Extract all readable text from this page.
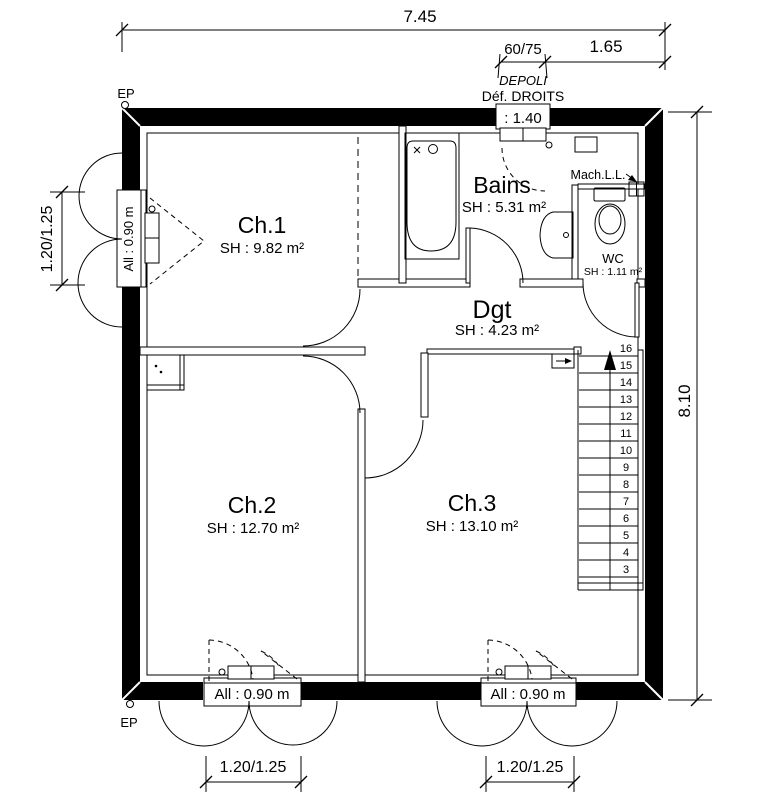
All : 0.90 m
: 1.40
All : 0.90 m	All : 0.90 m
16
15
14
13
12
11
10
9
8
7
6
5
4
3
Ch.1
SH : 9.82 m²
Bains
SH : 5.31 m²
Dgt
SH : 4.23 m²
WC
SH : 1.11 m²
Ch.2
SH : 12.70 m²
Ch.3
SH : 13.10 m²
Mach.L.L.
7.45
60/75	1.65
DEPOLI
Déf. DROITS
8.10
1.20/1.25
1.20/1.25	1.20/1.25
EP
EP
